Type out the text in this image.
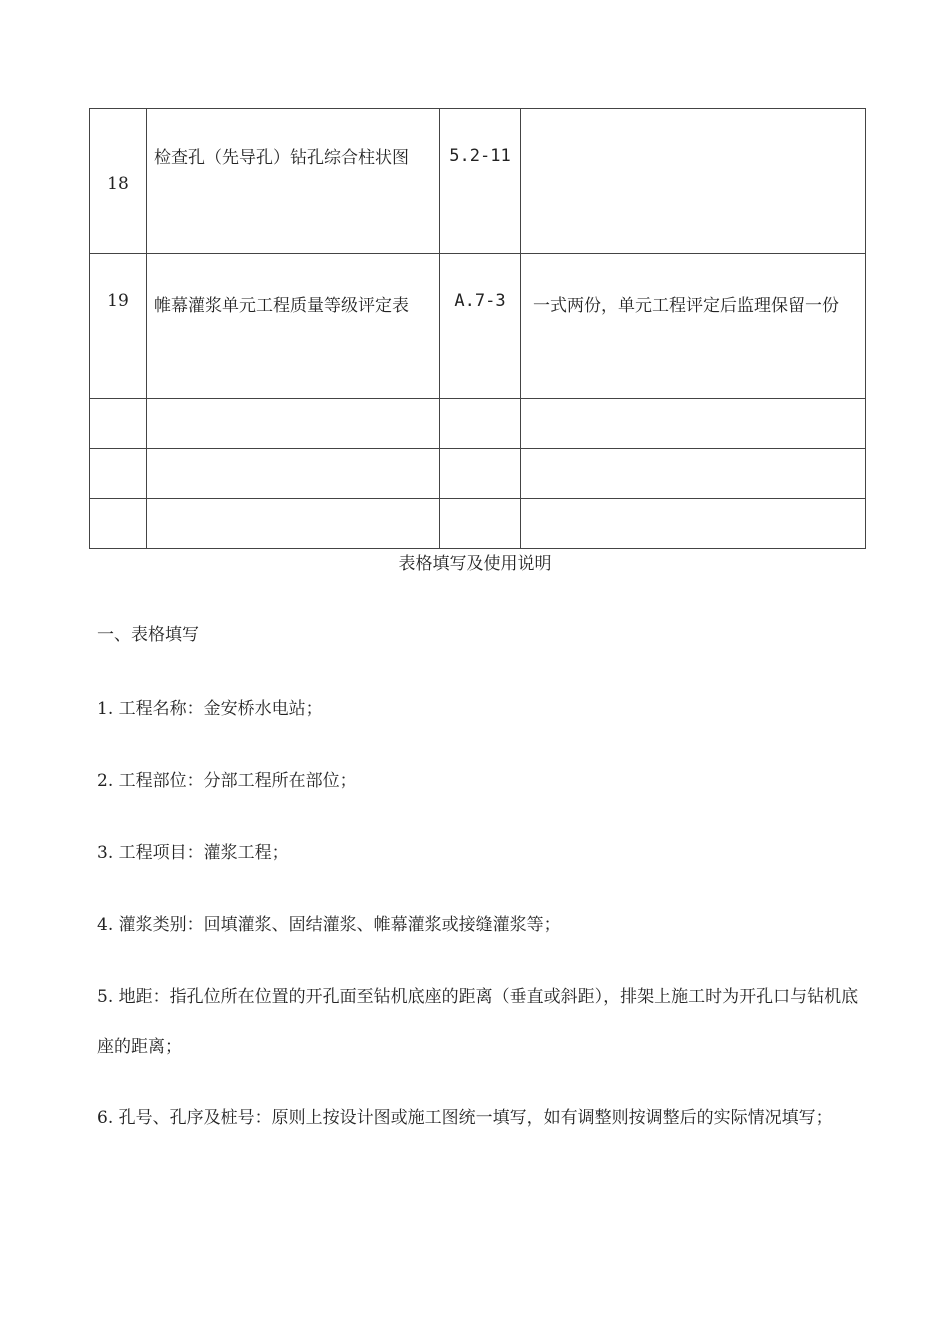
18	检查孔（先导孔）钻孔综合柱状图	5.2-11	

19	帷幕灌浆单元工程质量等级评定表	A.7-3	一式两份，单元工程评定后监理保留一份

表格填写及使用说明

一、表格填写

1. 工程名称：金安桥水电站；

2. 工程部位：分部工程所在部位；

3. 工程项目：灌浆工程；

4. 灌浆类别：回填灌浆、固结灌浆、帷幕灌浆或接缝灌浆等；

5. 地距：指孔位所在位置的开孔面至钻机底座的距离（垂直或斜距），排架上施工时为开孔口与钻机底座的距离；

6. 孔号、孔序及桩号：原则上按设计图或施工图统一填写，如有调整则按调整后的实际情况填写；
